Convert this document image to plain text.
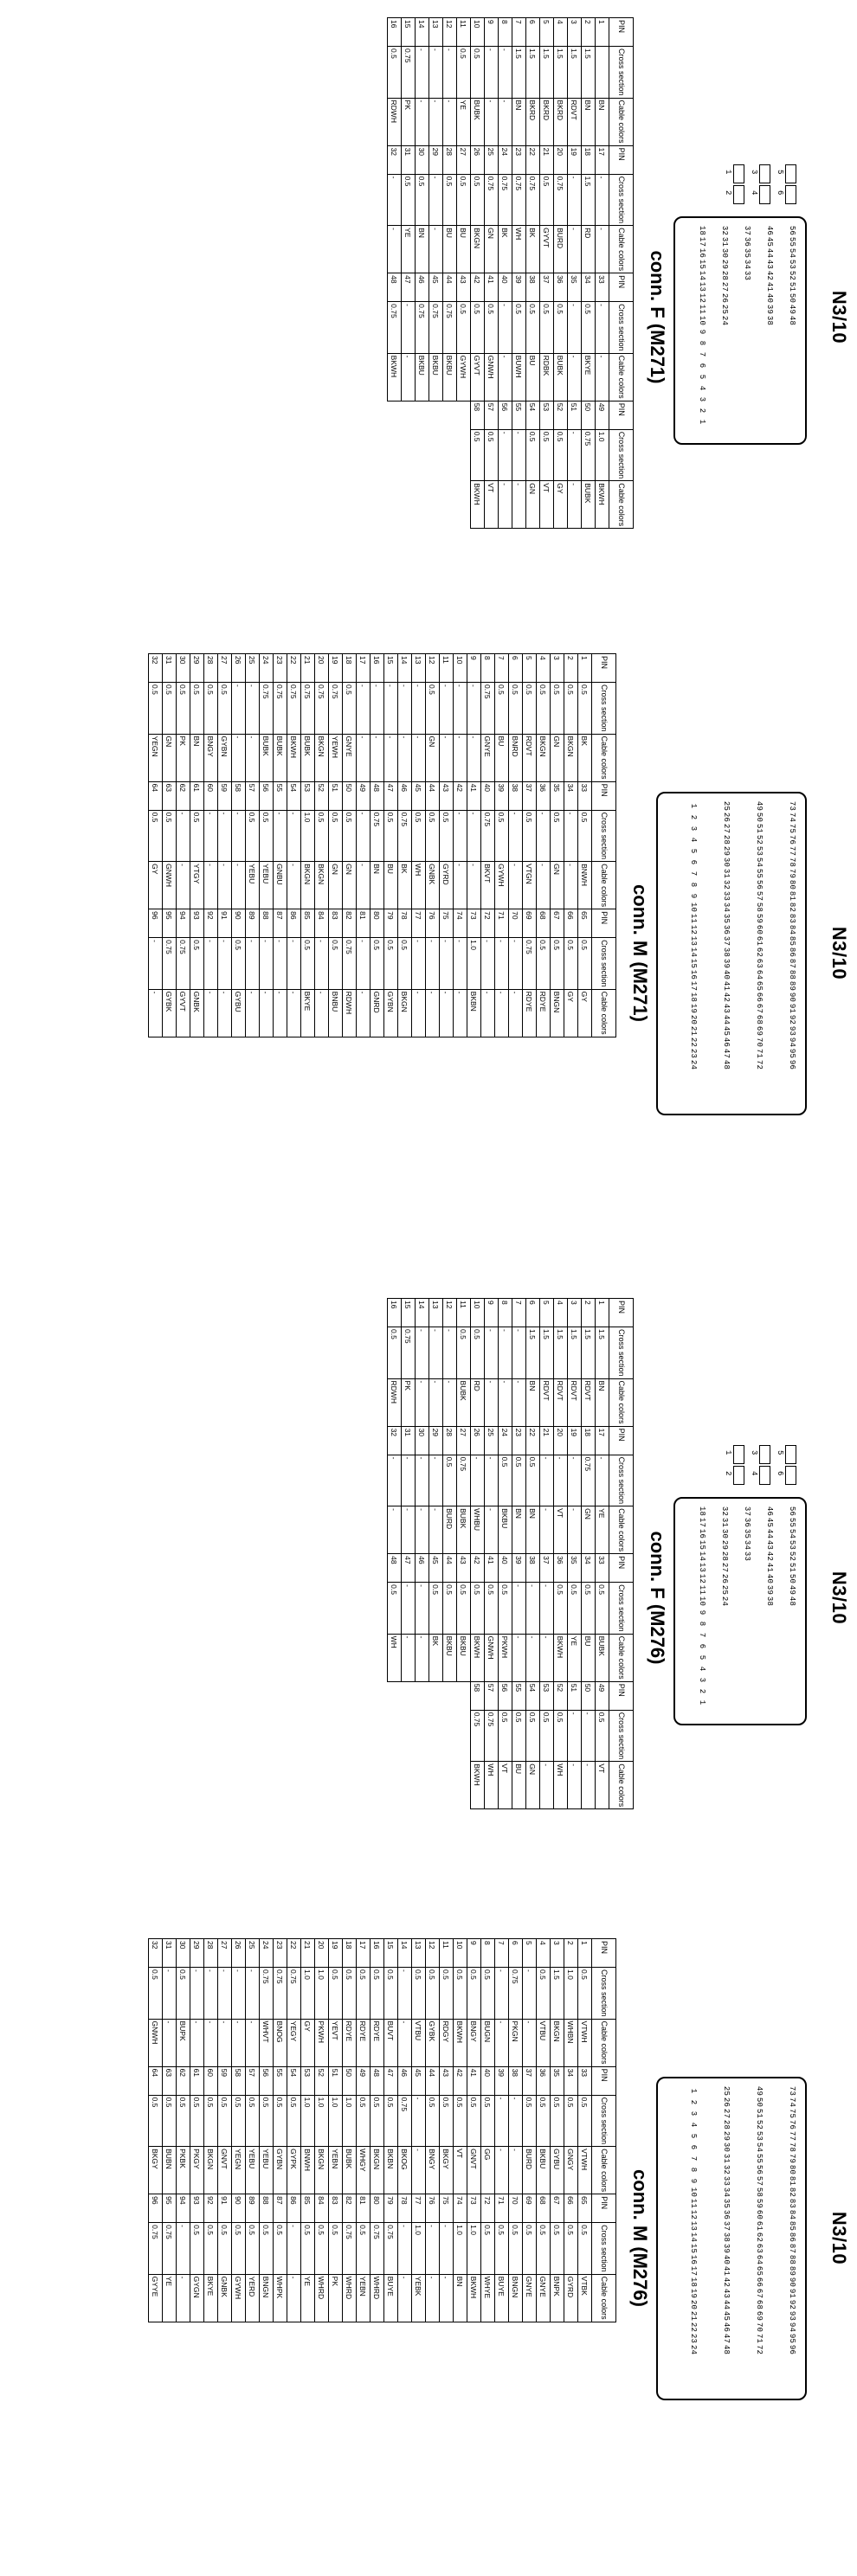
N3/10
565554535251504948
464544434241403938
3736353433
323130292827262524
181716151413121110987654321
5
6
3
4
1
2
conn. F (M271)
PIN	Cross section	Cable colors	PIN	Cross section	Cable colors	PIN	Cross section	Cable colors	PIN	Cross section	Cable colors
1		BN	17	-	-	33	-	-	49	1.0	BKWH
2	1.5	BN	18	1.5	RD	34	0.5	BKYE	50	0.75	BUBK
3	1.5	RDVT	19	-	-	35	-	-	51	-	-
4	1.5	BKRD	20	0.75	BURD	36	0.5	BUBK	52	0.5	GY
5	1.5	BKRD	21	0.5	GYVT	37	0.5	RDBK	53	0.5	VT
6	1.5	BKRD	22	0.75	BK	38	0.5	BU	54	0.5	GN
7	1.5	BN	23	0.75	WH	39	0.5	BUWH	55	-	-
8	-	-	24	0.75	BK	40	-	-	56	-	-
9	-	-	25	0.75	GN	41	0.5	GNWH	57	0.5	VT
10	0.5	BUBK	26	0.5	BKGN	42	0.5	GYVT	58	0.5	BKWH
11	0.5	YE	27	0.5	BU	43	0.5	GYWH			
12	-	-	28	0.5	BU	44	0.75	BKBU			
13	-	-	29	-	-	45	0.75	BKBU			
14	-	-	30	0.5	BN	46	0.75	BKBU			
15	0.75	PK	31	0.5	YE	47	-	-			
16	0.5	RDWH	32	-	-	48	0.75	BKWH			
N3/10
737475767778798081828384858687888990919293949596
495051525354555657585960616263646566676869707172
252627282930313233343536373839404142434445464748
123456789101112131415161718192021222324
conn. M (M271)
PIN	Cross section	Cable colors	PIN	Cross section	Cable colors	PIN	Cross section	Cable colors
1	0.5	BK	33	0.5	BNWH	65	0.5	GY
2	0.5	BKGN	34	-	-	66	0.5	GY
3	0.5	GN	35	0.5	GN	67	0.5	BNGN
4	0.5	BKGN	36	-	-	68	0.5	RDYE
5	0.5	RDVT	37	0.5	VTGN	69	0.75	RDYE
6	0.5	BNRD	38	-	-	70	-	-
7	0.5	BU	39	0.5	GYWH	71	-	-
8	0.75	GNYE	40	0.75	BKVT	72	-	-
9	-	-	41	-	-	73	1.0	BKBN
10	-	-	42	-	-	74	-	-
11	-	-	43	0.5	GYRD	75	-	-
12	0.5	GN	44	0.5	GNBK	76	-	-
13	-	-	45	0.5	WH	77	-	-
14	-	-	46	0.75	BK	78	0.5	BKGN
15	-	-	47	0.5	BU	79	0.5	GYBN
16	-	-	48	0.75	BN	80	0.5	GNRD
17	-	-	49	-	-	81	-	-
18	0.5	GNYE	50	0.5	GN	82	0.75	RDWH
19	0.75	YEWH	51	0.5	GN	83	0.5	BNBU
20	0.75	BKGN	52	0.5	BKGN	84	-	-
21	0.75	BUBK	53	1.0	BKGN	85	0.5	BKYE
22	0.75	BKWH	54	-	-	86	-	-
23	0.75	BUBK	55	-	GNBU	87	-	-
24	0.75	BUBK	56	0.5	YEBU	88	-	-
25	-	-	57	0.5	YEBU	89	-	-
26	-	-	58	-	-	90	0.5	GYBU
27	0.5	GYBN	59	-	-	91	-	-
28	0.5	BNGY	60	-	-	92	-	-
29	0.5	BN	61	0.5	YTGY	93	0.5	GNBK
30	0.5	PK	62	-	-	94	0.75	GYVT
31	0.5	GN	63	0.5	GNWH	95	0.75	GYBK
32	0.5	YEGN	64	0.5	GY	96	-	-
N3/10
565554535251504948
464544434241403938
3736353433
323130292827262524
181716151413121110987654321
5
6
3
4
1
2
conn. F (M276)
PIN	Cross section	Cable colors	PIN	Cross section	Cable colors	PIN	Cross section	Cable colors	PIN	Cross section	Cable colors
1	1.5	BN	17	-	YE	33	0.5	BUBK	49	0.5	VT
2	1.5	RDVT	18	0.75	GN	34	0.5	BU	50	-	-
3	1.5	RDVT	19	-	-	35	0.5	YE	51	-	-
4	1.5	RDVT	20	-	VT	36	0.5	BKWH	52	0.5	WH
5	1.5	RDVT	21	-	-	37	-	-	53	0.5	-
6	1.5	BN	22	0.5	BN	38	-	-	54	0.5	GN
7	-	-	23	0.5	BN	39	-	-	55	0.5	BU
8	-	-	24	0.5	BKBU	40	0.5	PKWH	56	0.5	VT
9	-	-	25	-	-	41	0.5	GNWH	57	0.75	WH
10	0.5	RD	26	-	WHBU	42	0.5	BKWH	58	0.75	BKWH
11	0.5	BUBK	27	0.75	BUBK	43	0.5	BKBU			
12	-	-	28	0.5	BURD	44	0.5	BKBU			
13	-	-	29	-	-	45	0.5	BK			
14	-	-	30	-	-	46	-	-			
15	0.75	PK	31	-	-	47	-	-			
16	0.5	RDWH	32	-	-	48	0.5	WH			
N3/10
737475767778798081828384858687888990919293949596
495051525354555657585960616263646566676869707172
252627282930313233343536373839404142434445464748
123456789101112131415161718192021222324
conn. M (M276)
PIN	Cross section	Cable colors	PIN	Cross section	Cable colors	PIN	Cross section	Cable colors
1	0.5	VTWH	33	0.5	VTWH	65	0.5	VTBK
2	1.0	WHBN	34	0.5	GNGY	66	0.5	GYRD
3	1.5	BKGN	35	0.5	GYBU	67	0.5	BNPK
4	0.5	VTBU	36	0.5	BKBU	68	0.5	GNYE
5	-	-	37	0.5	BURD	69	0.5	GNYE
6	0.75	PKGN	38	-	-	70	0.5	BNGN
7	-	-	39	-	-	71	0.5	BUYE
8	0.5	BUGN	40	0.5	GG	72	0.5	WHYE
9	0.5	BNGY	41	0.5	GNVT	73	1.0	BKWH
10	0.5	BKWH	42	0.5	VT	74	1.0	BN
11	0.5	RDGY	43	0.5	BKGY	75	-	-
12	0.5	GYBK	44	0.5	BNGY	76	-	-
13	0.5	VTBU	45	-	-	77	1.0	YEBK
14	-	-	46	0.75	BKOG	78	-	-
15	0.5	BUVT	47	0.5	BKBN	79	0.75	BUYE
16	0.5	RDYE	48	0.5	BKGN	80	0.75	WHRD
17	0.5	RDYE	49	0.5	WHGY	81	0.5	YEBN
18	0.5	RDYE	50	1.0	BUBK	82	0.75	WHRD
19	0.5	YEVT	51	1.0	YEBN	83	0.5	PK
20	1.0	PKWH	52	1.0	BKGN	84	0.5	WHRD
21	1.0	GY	53	1.0	BNWH	85	0.5	YE
22	0.75	YEGY	54	0.5	GYPK	86	-	-
23	0.75	BNOG	55	0.5	GYBN	87	0.5	WHPK
24	0.75	WHVT	56	0.5	YEBU	88	0.5	BNGN
25	-	-	57	0.5	YEBU	89	0.5	YERD
26	-	-	58	0.5	YEGN	90	0.5	GYWH
27	-	-	59	0.5	GNVT	91	0.5	GNBK
28	-	-	60	0.5	BKGN	92	0.5	BKYE
29	-	-	61	0.5	PKGY	93	0.5	GYGN
30	0.5	BUPK	62	0.5	PKBK	94	-	-
31	-	-	63	0.5	BUBN	95	0.75	YE
32	0.5	GNWH	64	0.5	BKGY	96	0.75	GYYE
